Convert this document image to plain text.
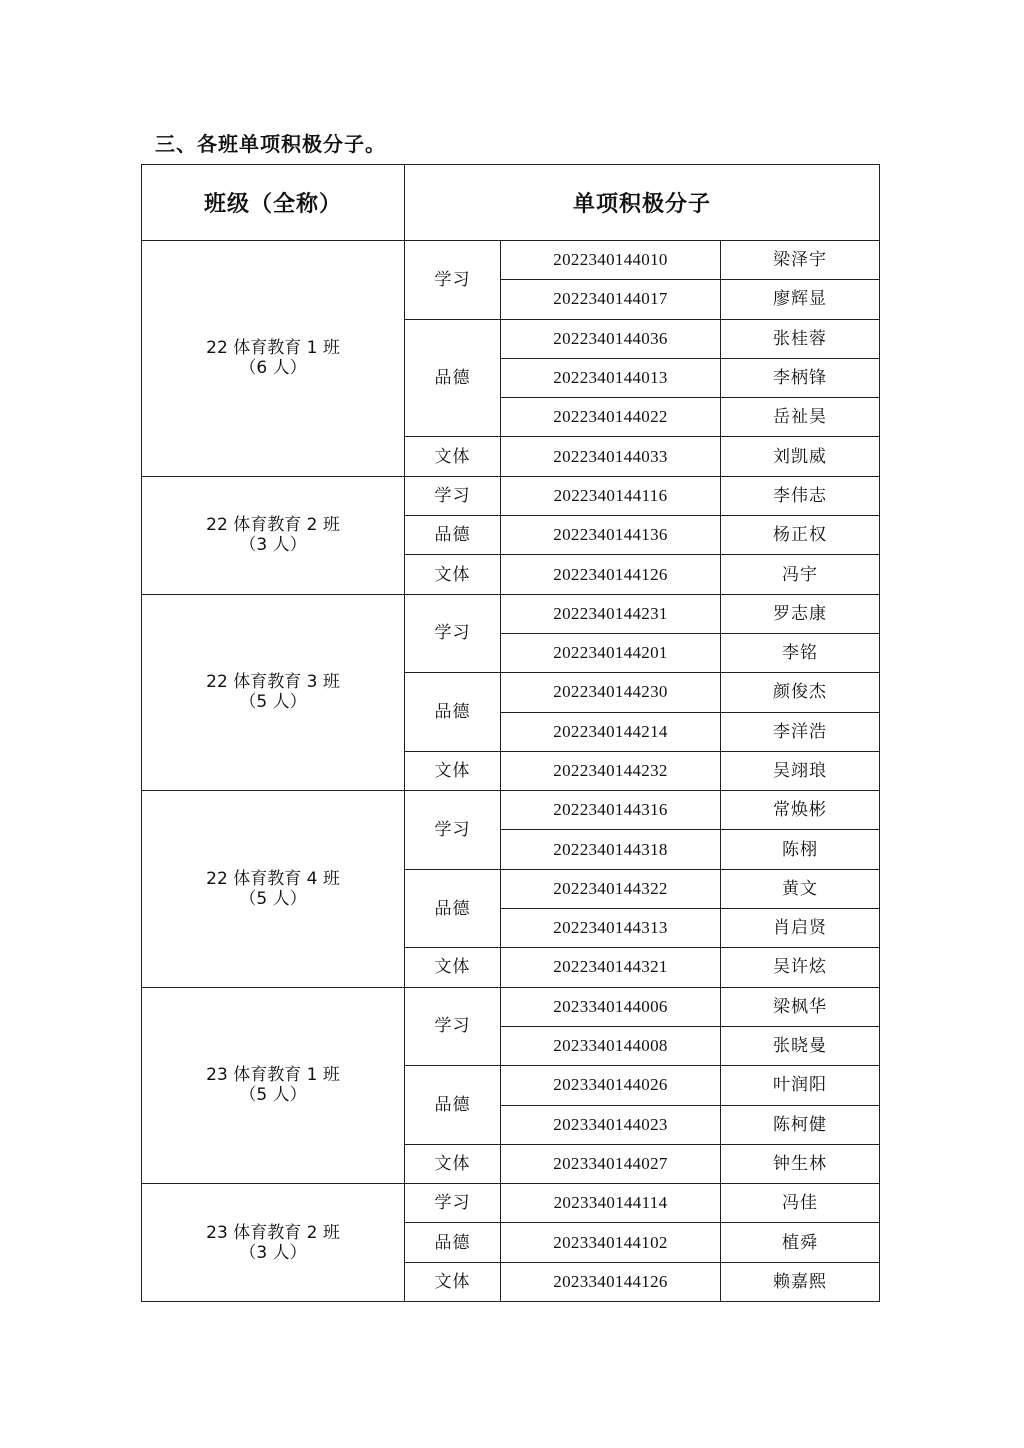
三、各班单项积极分子。
班级（全称）	单项积极分子		

22 体育教育 1 班
（6 人）	学习	2022340144010	梁泽宇
		2022340144017	廖辉显
	品德	2022340144036	张桂蓉
		2022340144013	李柄锋
		2022340144022	岳祉昊
	文体	2022340144033	刘凯威

22 体育教育 2 班
（3 人）	学习	2022340144116	李伟志
	品德	2022340144136	杨正权
	文体	2022340144126	冯宇

22 体育教育 3 班
（5 人）	学习	2022340144231	罗志康
		2022340144201	李铭
	品德	2022340144230	颜俊杰
		2022340144214	李洋浩
	文体	2022340144232	吴翊琅

22 体育教育 4 班
（5 人）	学习	2022340144316	常焕彬
		2022340144318	陈栩
	品德	2022340144322	黄文
		2022340144313	肖启贤
	文体	2022340144321	吴许炫

23 体育教育 1 班
（5 人）	学习	2023340144006	梁枫华
		2023340144008	张晓曼
	品德	2023340144026	叶润阳
		2023340144023	陈柯健
	文体	2023340144027	钟生林

23 体育教育 2 班
（3 人）	学习	2023340144114	冯佳
	品德	2023340144102	植舜
	文体	2023340144126	赖嘉熙
